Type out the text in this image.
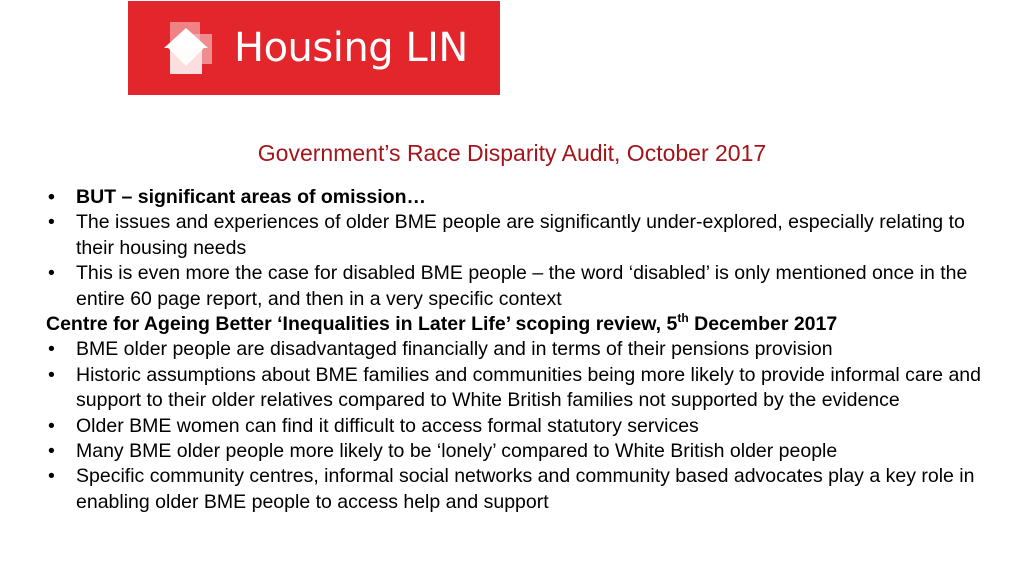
Housing LIN
Government’s Race Disparity Audit, October 2017
• BUT – significant areas of omission…
• The issues and experiences of older BME people are significantly under-explored, especially relating to their housing needs
• This is even more the case for disabled BME people – the word ‘disabled’ is only mentioned once in the entire 60 page report, and then in a very specific context
Centre for Ageing Better ‘Inequalities in Later Life’ scoping review, 5th December 2017
• BME older people are disadvantaged financially and in terms of their pensions provision
• Historic assumptions about BME families and communities being more likely to provide informal care and support to their older relatives compared to White British families not supported by the evidence
• Older BME women can find it difficult to access formal statutory services
• Many BME older people more likely to be ‘lonely’ compared to White British older people
• Specific community centres, informal social networks and community based advocates play a key role in enabling older BME people to access help and support
